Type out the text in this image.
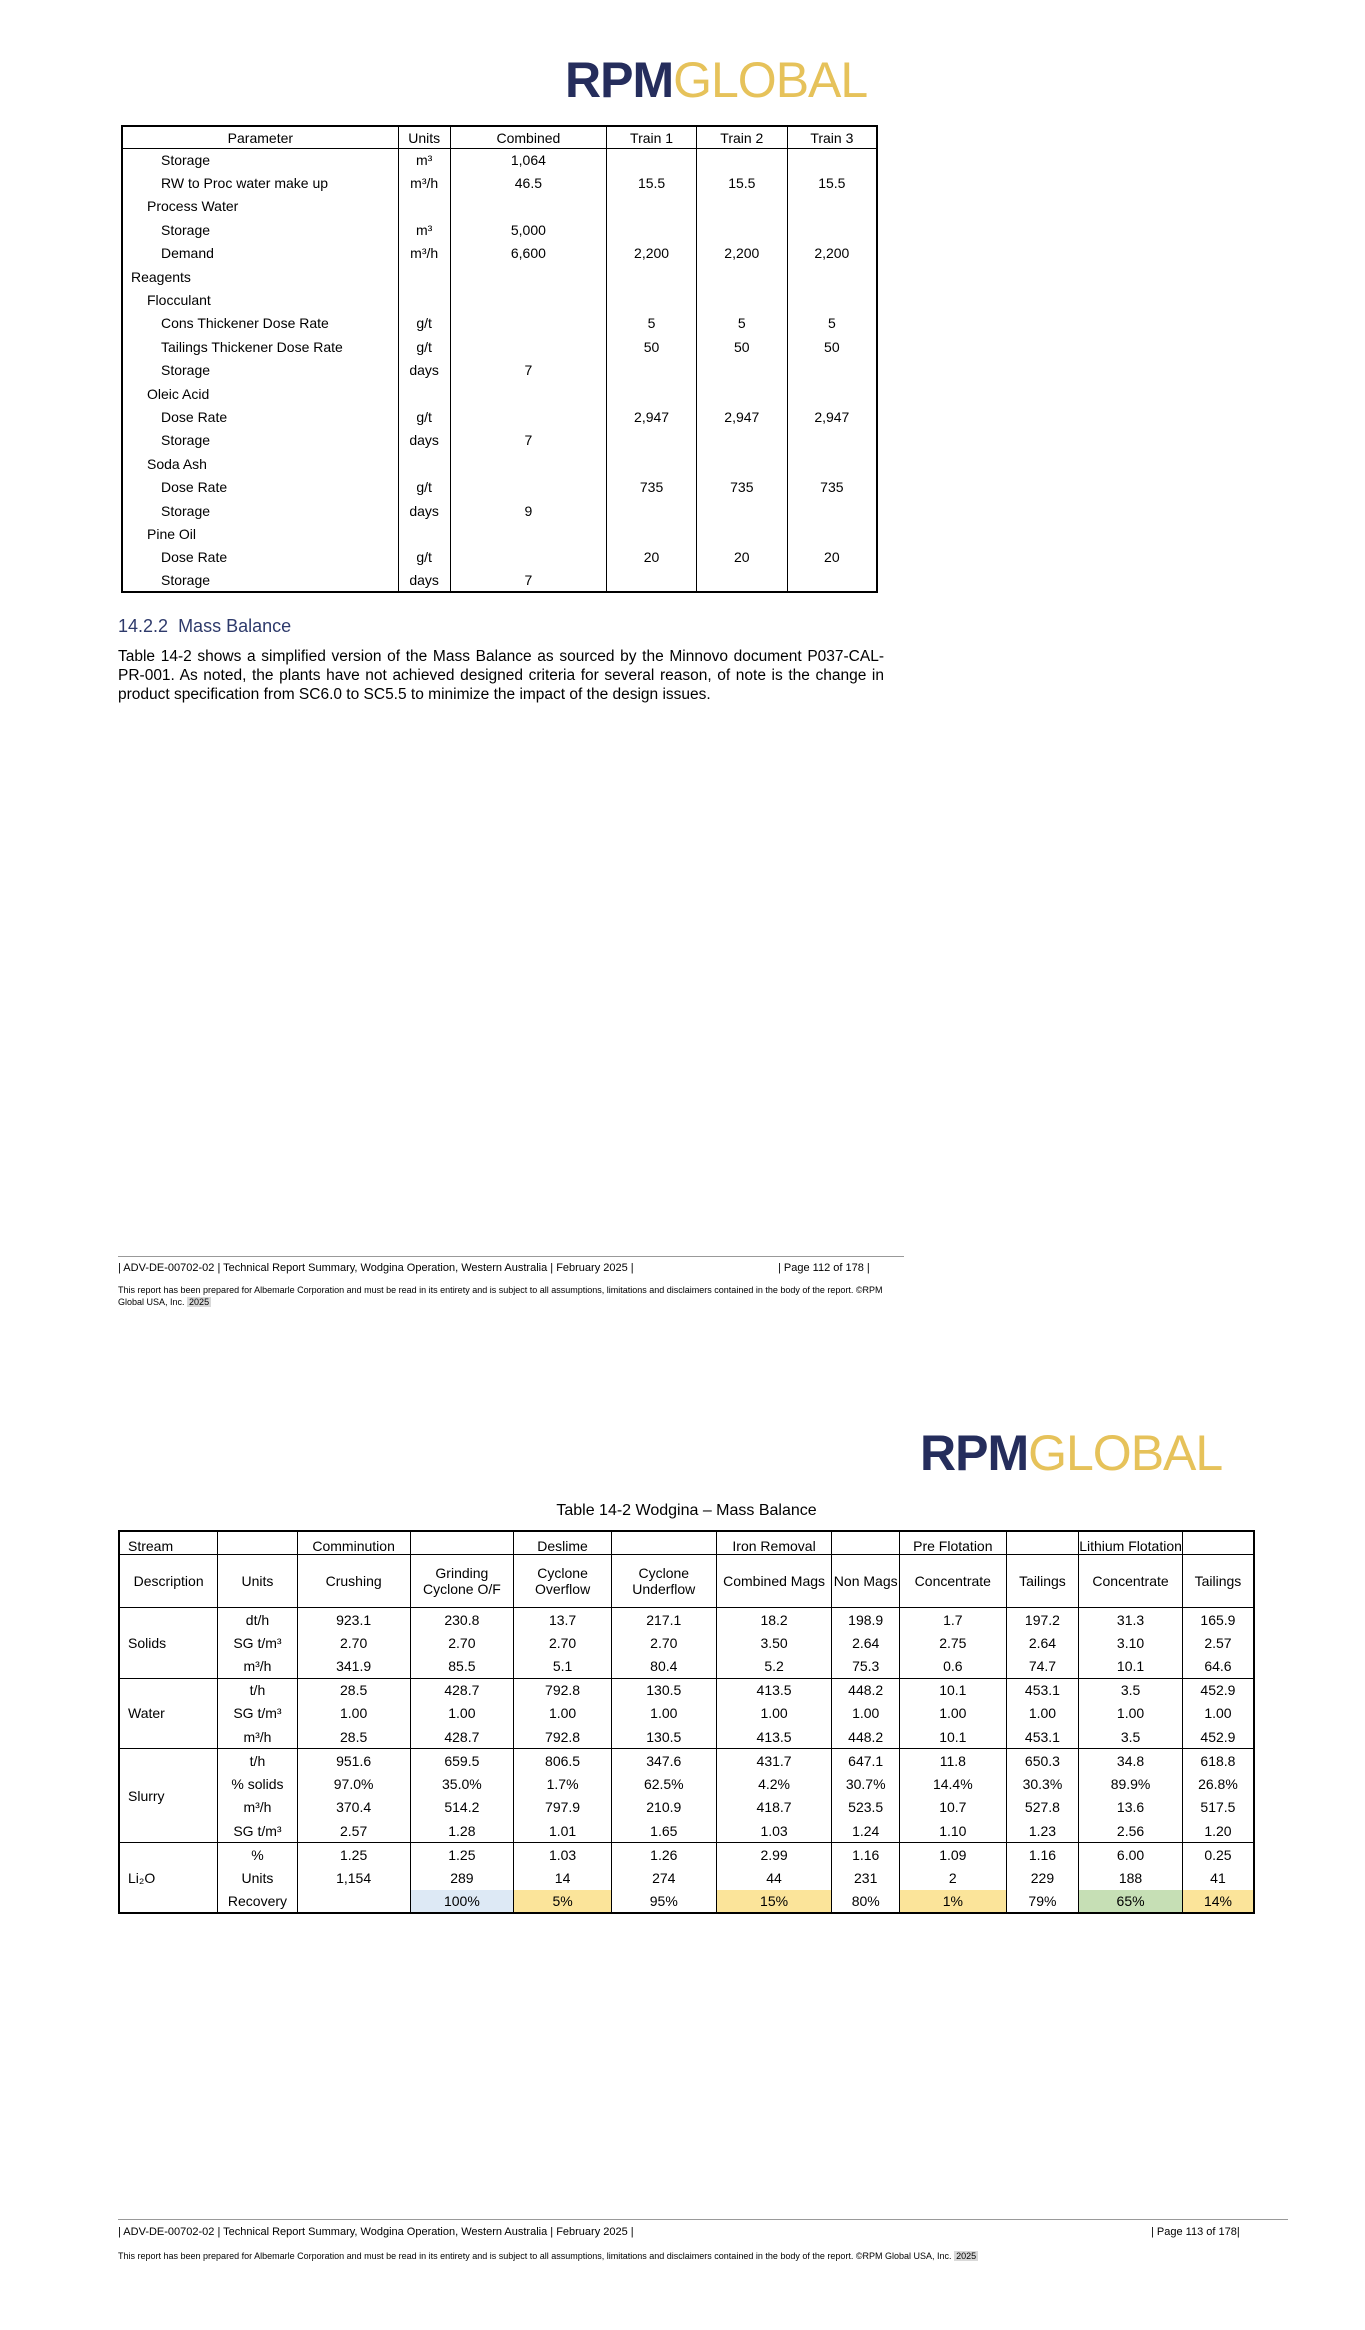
RPMGLOBAL
Parameter	Units	Combined	Train 1	Train 2	Train 3
Storage	m³	1,064			
RW to Proc water make up	m³/h	46.5	15.5	15.5	15.5
Process Water					
Storage	m³	5,000			
Demand	m³/h	6,600	2,200	2,200	2,200
Reagents					
Flocculant					
Cons Thickener Dose Rate	g/t		5	5	5
Tailings Thickener Dose Rate	g/t		50	50	50
Storage	days	7			
Oleic Acid					
Dose Rate	g/t		2,947	2,947	2,947
Storage	days	7			
Soda Ash					
Dose Rate	g/t		735	735	735
Storage	days	9			
Pine Oil					
Dose Rate	g/t		20	20	20
Storage	days	7			
14.2.2 Mass Balance

Table 14-2 shows a simplified version of the Mass Balance as sourced by the Minnovo document P037-CAL-PR-001. As noted, the plants have not achieved designed criteria for several reason, of note is the change in product specification from SC6.0 to SC5.5 to minimize the impact of the design issues.

| ADV-DE-00702-02 | Technical Report Summary, Wodgina Operation, Western Australia | February 2025 |	| Page 112 of 178 |
This report has been prepared for Albemarle Corporation and must be read in its entirety and is subject to all assumptions, limitations and disclaimers contained in the body of the report. ©RPM Global USA, Inc. 2025
RPMGLOBAL
Table 14-2 Wodgina – Mass Balance
Stream		Comminution		Deslime		Iron Removal		Pre Flotation		Lithium Flotation	
Description	Units	Crushing	Grinding Cyclone O/F	Cyclone Overflow	Cyclone Underflow	Combined Mags	Non Mags	Concentrate	Tailings	Concentrate	Tailings
Solids	dt/h	923.1	230.8	13.7	217.1	18.2	198.9	1.7	197.2	31.3	165.9
	SG t/m³	2.70	2.70	2.70	2.70	3.50	2.64	2.75	2.64	3.10	2.57
	m³/h	341.9	85.5	5.1	80.4	5.2	75.3	0.6	74.7	10.1	64.6
Water	t/h	28.5	428.7	792.8	130.5	413.5	448.2	10.1	453.1	3.5	452.9
	SG t/m³	1.00	1.00	1.00	1.00	1.00	1.00	1.00	1.00	1.00	1.00
	m³/h	28.5	428.7	792.8	130.5	413.5	448.2	10.1	453.1	3.5	452.9
Slurry	t/h	951.6	659.5	806.5	347.6	431.7	647.1	11.8	650.3	34.8	618.8
	% solids	97.0%	35.0%	1.7%	62.5%	4.2%	30.7%	14.4%	30.3%	89.9%	26.8%
	m³/h	370.4	514.2	797.9	210.9	418.7	523.5	10.7	527.8	13.6	517.5
	SG t/m³	2.57	1.28	1.01	1.65	1.03	1.24	1.10	1.23	2.56	1.20
Li₂O	%	1.25	1.25	1.03	1.26	2.99	1.16	1.09	1.16	6.00	0.25
	Units	1,154	289	14	274	44	231	2	229	188	41
	Recovery		100%	5%	95%	15%	80%	1%	79%	65%	14%
| ADV-DE-00702-02 | Technical Report Summary, Wodgina Operation, Western Australia | February 2025 |	| Page 113 of 178|
This report has been prepared for Albemarle Corporation and must be read in its entirety and is subject to all assumptions, limitations and disclaimers contained in the body of the report. ©RPM Global USA, Inc. 2025
